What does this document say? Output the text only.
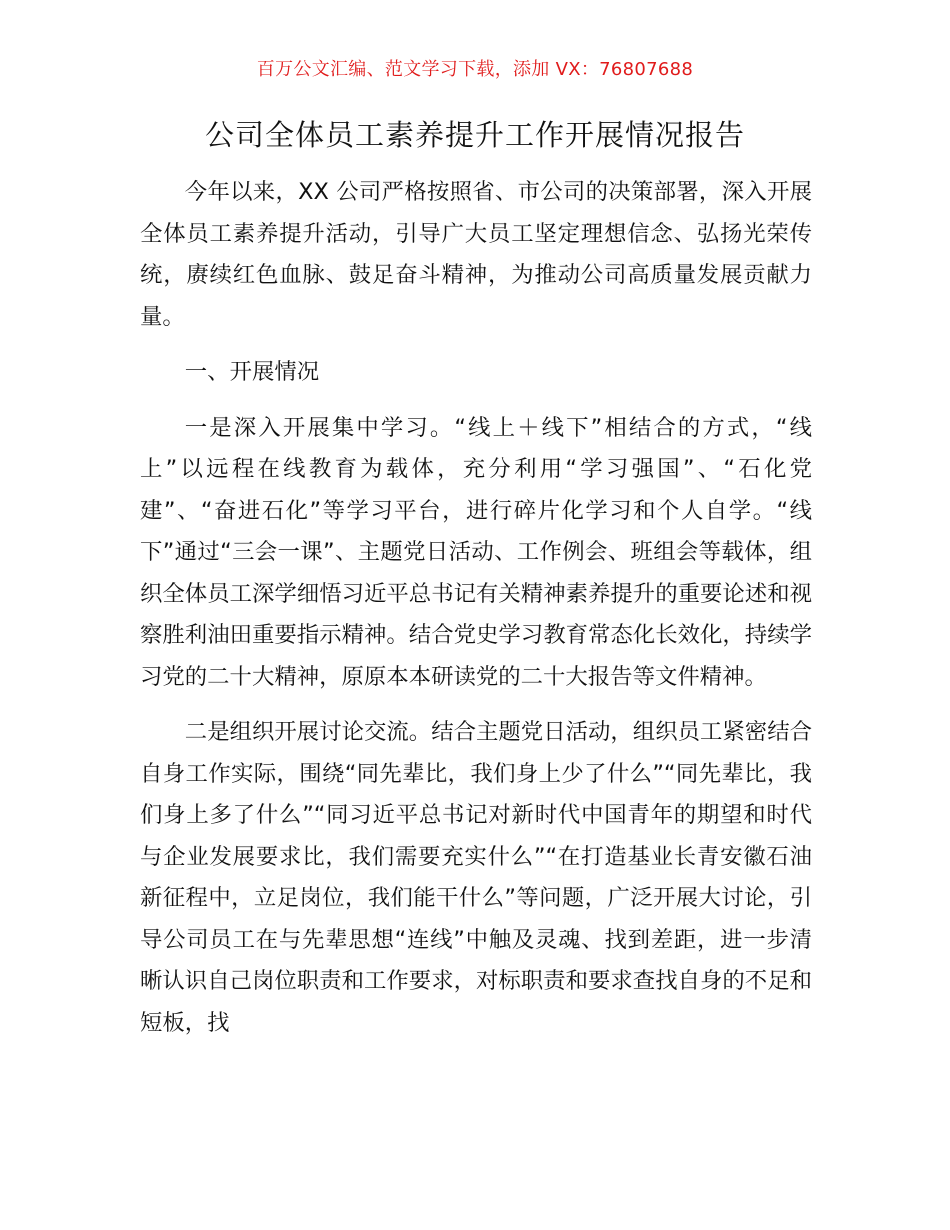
百万公文汇编、范文学习下载，添加 VX：76807688
公司全体员工素养提升工作开展情况报告

今年以来，XX 公司严格按照省、市公司的决策部署，深入开展全体员工素养提升活动，引导广大员工坚定理想信念、弘扬光荣传统，赓续红色血脉、鼓足奋斗精神，为推动公司高质量发展贡献力量。

一、开展情况

一是深入开展集中学习。“线上＋线下”相结合的方式，“线上”以远程在线教育为载体，充分利用“学习强国”、“石化党建”、“奋进石化”等学习平台，进行碎片化学习和个人自学。“线下”通过“三会一课”、主题党日活动、工作例会、班组会等载体，组织全体员工深学细悟习近平总书记有关精神素养提升的重要论述和视察胜利油田重要指示精神。结合党史学习教育常态化长效化，持续学习党的二十大精神，原原本本研读党的二十大报告等文件精神。

二是组织开展讨论交流。结合主题党日活动，组织员工紧密结合自身工作实际，围绕“同先辈比，我们身上少了什么”“同先辈比，我们身上多了什么”“同习近平总书记对新时代中国青年的期望和时代与企业发展要求比，我们需要充实什么”“在打造基业长青安徽石油新征程中，立足岗位，我们能干什么”等问题，广泛开展大讨论，引导公司员工在与先辈思想“连线”中触及灵魂、找到差距，进一步清晰认识自己岗位职责和工作要求，对标职责和要求查找自身的不足和短板，找
